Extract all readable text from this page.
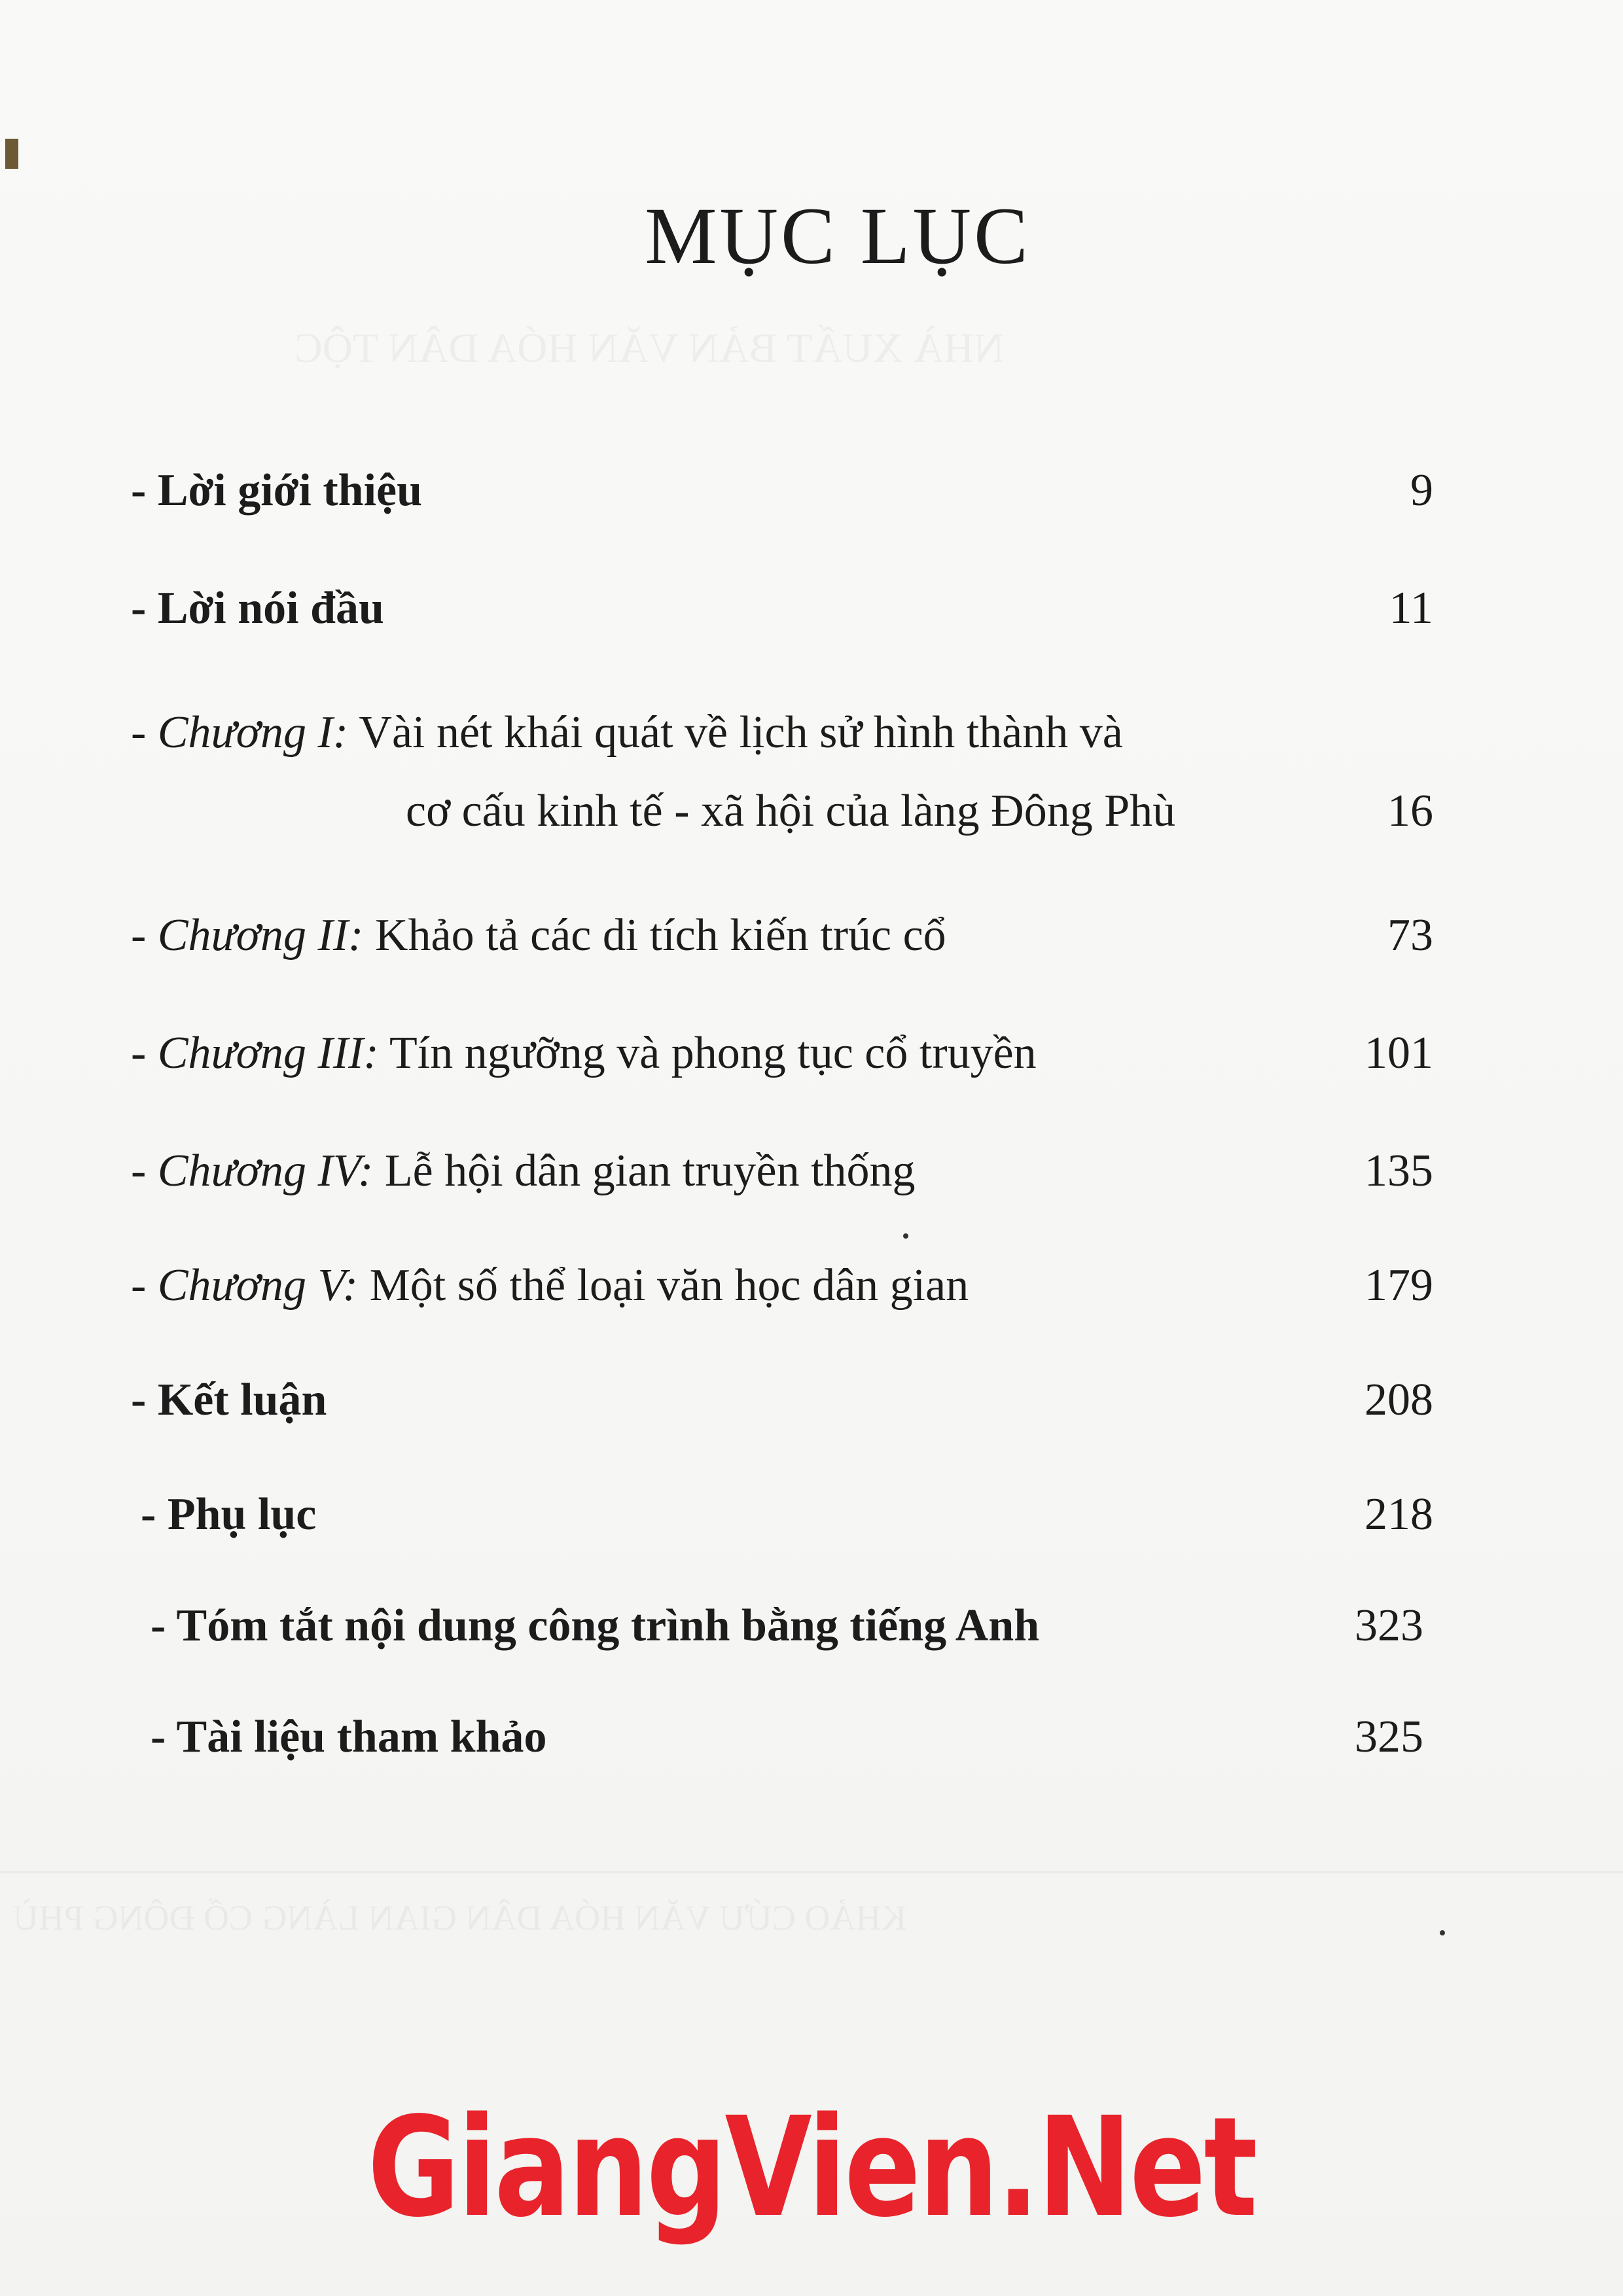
NHÀ XUẤT BẢN VĂN HÓA DÂN TỘC
KHẢO CỨU VĂN HÓA DÂN GIAN LÀNG CỔ ĐÔNG PHÙ
MỤC LỤC
- Lời giới thiệu	9
- Lời nói đầu	11
- Chương I: Vài nét khái quát về lịch sử hình thành và
cơ cấu kinh tế - xã hội của làng Đông Phù	16
- Chương II: Khảo tả các di tích kiến trúc cổ	73
- Chương III: Tín ngưỡng và phong tục cổ truyền	101
- Chương IV: Lễ hội dân gian truyền thống	135
- Chương V: Một số thể loại văn học dân gian	179
- Kết luận	208
- Phụ lục	218
- Tóm tắt nội dung công trình bằng tiếng Anh	323
- Tài liệu tham khảo	325
GiangVien.Net
